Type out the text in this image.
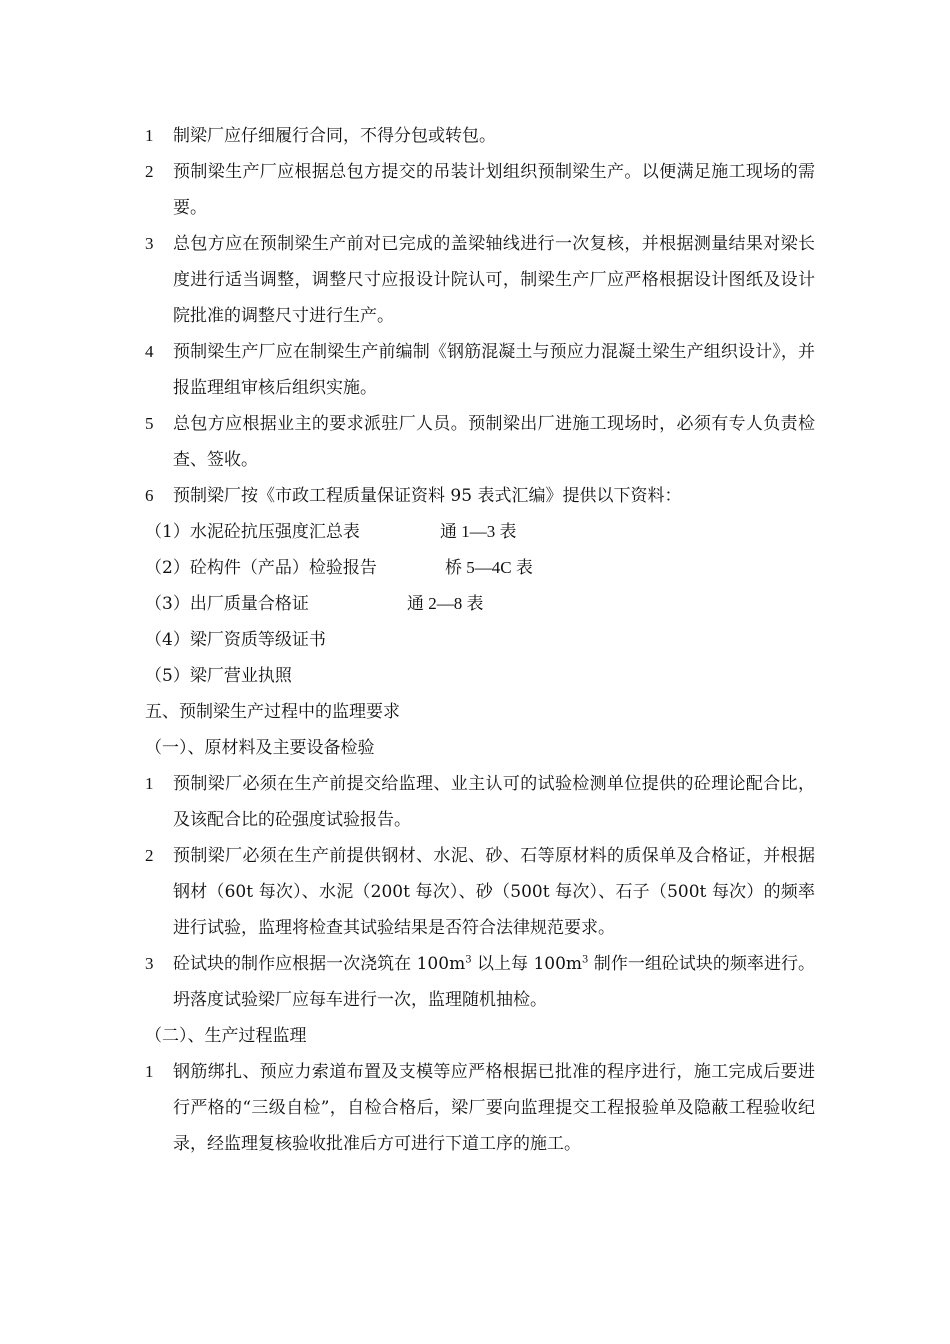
1	制梁厂应仔细履行合同，不得分包或转包。
2	预制梁生产厂应根据总包方提交的吊装计划组织预制梁生产。以便满足施工现场的需要。
3	总包方应在预制梁生产前对已完成的盖梁轴线进行一次复核，并根据测量结果对梁长度进行适当调整，调整尺寸应报设计院认可，制梁生产厂应严格根据设计图纸及设计院批准的调整尺寸进行生产。
4	预制梁生产厂应在制梁生产前编制《钢筋混凝土与预应力混凝土梁生产组织设计》，并报监理组审核后组织实施。
5	总包方应根据业主的要求派驻厂人员。预制梁出厂进施工现场时，必须有专人负责检查、签收。
6	预制梁厂按《市政工程质量保证资料 95 表式汇编》提供以下资料：
（1）水泥砼抗压强度汇总表	通 1—3 表
（2）砼构件（产品）检验报告	桥 5—4C 表
（3）出厂质量合格证	通 2—8 表
（4）梁厂资质等级证书
（5）梁厂营业执照
五、预制梁生产过程中的监理要求
（一）、原材料及主要设备检验
1	预制梁厂必须在生产前提交给监理、业主认可的试验检测单位提供的砼理论配合比，及该配合比的砼强度试验报告。
2	预制梁厂必须在生产前提供钢材、水泥、砂、石等原材料的质保单及合格证，并根据钢材（60t 每次）、水泥（200t 每次）、砂（500t 每次）、石子（500t 每次）的频率进行试验，监理将检查其试验结果是否符合法律规范要求。
3	砼试块的制作应根据一次浇筑在 $100m^3$ 以上每 $100m^3$ 制作一组砼试块的频率进行。坍落度试验梁厂应每车进行一次，监理随机抽检。
（二）、生产过程监理
1	钢筋绑扎、预应力索道布置及支模等应严格根据已批准的程序进行，施工完成后要进行严格的“三级自检”，自检合格后，梁厂要向监理提交工程报验单及隐蔽工程验收纪录，经监理复核验收批准后方可进行下道工序的施工。
